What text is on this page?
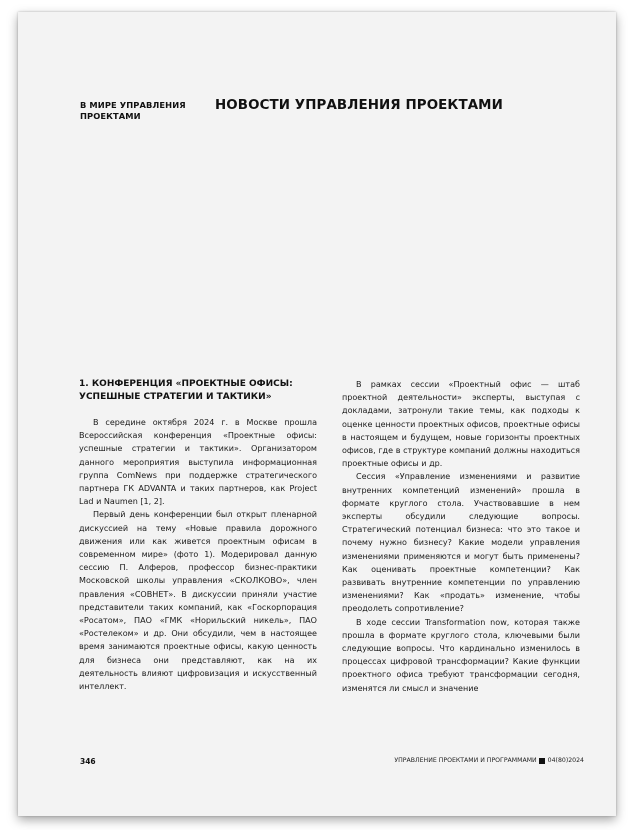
В МИРЕ УПРАВЛЕНИЯ ПРОЕКТАМИ
НОВОСТИ УПРАВЛЕНИЯ ПРОЕКТАМИ
1. КОНФЕРЕНЦИЯ «ПРОЕКТНЫЕ ОФИСЫ: УСПЕШНЫЕ СТРАТЕГИИ И ТАКТИКИ»

В середине октября 2024 г. в Москве прошла Всероссийская конференция «Проектные офисы: успешные стратегии и тактики». Организатором данного мероприятия выступила информационная группа ComNews при поддержке стратегического партнера ГК ADVANTA и таких партнеров, как Project Lad и Naumen [1, 2].

Первый день конференции был открыт пленарной дискуссией на тему «Новые правила дорожного движения или как живется проектным офисам в современном мире» (фото 1). Модерировал данную сессию П. Алферов, профессор бизнес-практики Московской школы управления «СКОЛКОВО», член правления «СОВНЕТ». В дискуссии приняли участие представители таких компаний, как «Госкорпорация «Росатом», ПАО «ГМК «Норильский никель», ПАО «Ростелеком» и др. Они обсудили, чем в настоящее время занимаются проектные офисы, какую ценность для бизнеса они представляют, как на их деятельность влияют цифровизация и искусственный интеллект.

В рамках сессии «Проектный офис — штаб проектной деятельности» эксперты, выступая с докладами, затронули такие темы, как подходы к оценке ценности проектных офисов, проектные офисы в настоящем и будущем, новые горизонты проектных офисов, где в структуре компаний должны находиться проектные офисы и др.

Сессия «Управление изменениями и развитие внутренних компетенций изменений» прошла в формате круглого стола. Участвовавшие в нем эксперты обсудили следующие вопросы. Стратегический потенциал бизнеса: что это такое и почему нужно бизнесу? Какие модели управления изменениями применяются и могут быть применены? Как оценивать проектные компетенции? Как развивать внутренние компетенции по управлению изменениями? Как «продать» изменение, чтобы преодолеть сопротивление?

В ходе сессии Transformation now, которая также прошла в формате круглого стола, ключевыми были следующие вопросы. Что кардинально изменилось в процессах цифровой трансформации? Какие функции проектного офиса требуют трансформации сегодня, изменятся ли смысл и значение

346	УПРАВЛЕНИЕ ПРОЕКТАМИ И ПРОГРАММАМИ 04(80)2024
